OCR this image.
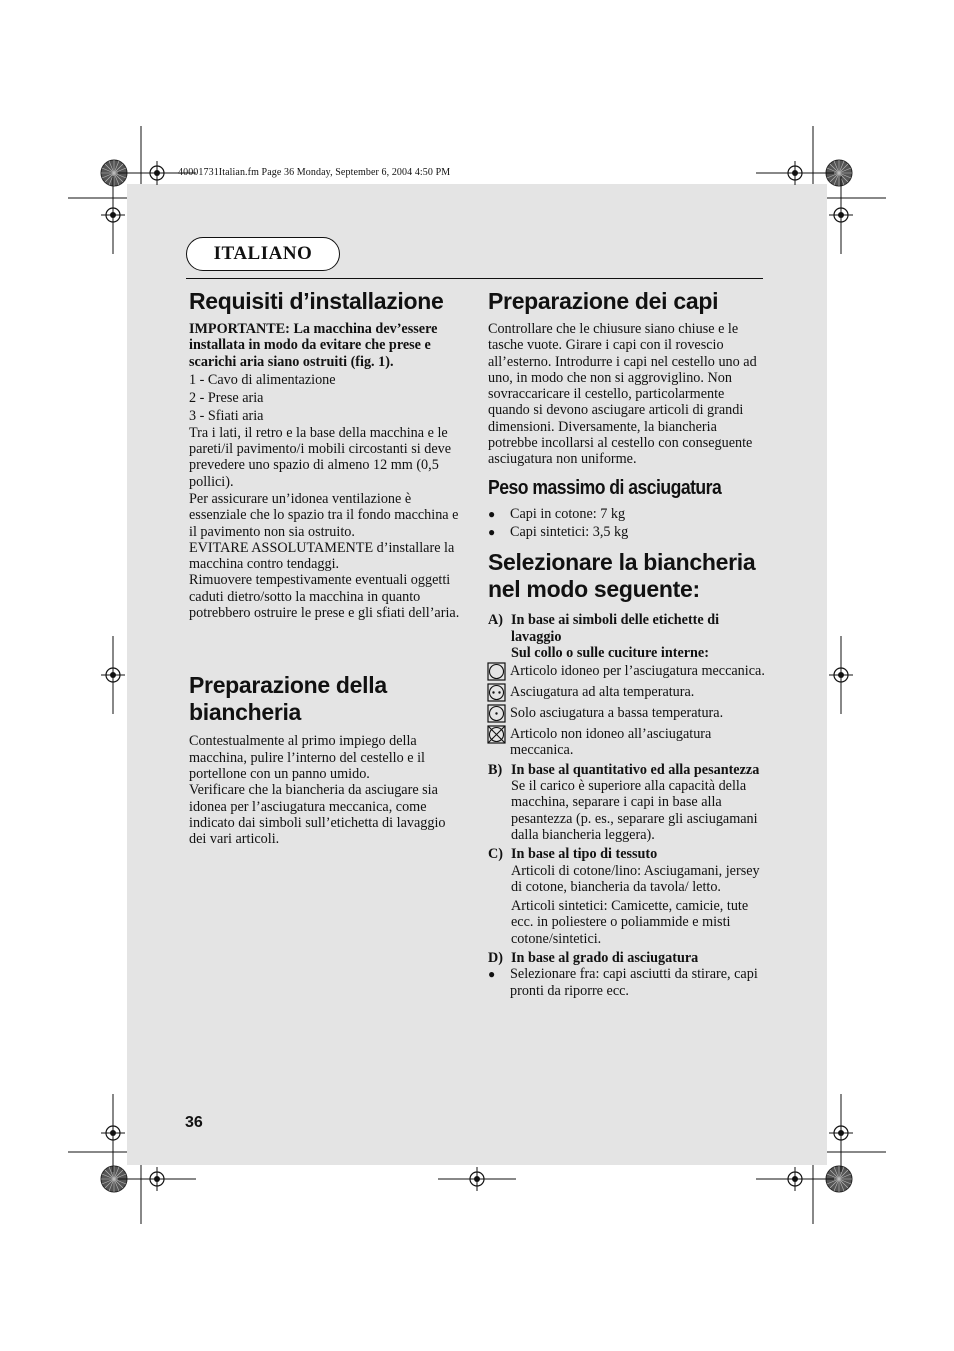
40001731Italian.fm Page 36 Monday, September 6, 2004 4:50 PM
ITALIANO
Requisiti d’installazione

IMPORTANTE: La macchina dev’essere installata in modo da evitare che prese e scarichi aria siano ostruiti (fig. 1).

1 - Cavo di alimentazione

2 - Prese aria

3 - Sfiati aria

Tra i lati, il retro e la base della macchina e le pareti/il pavimento/i mobili circostanti si deve prevedere uno spazio di almeno 12 mm (0,5 pollici).

Per assicurare un’idonea ventilazione è essenziale che lo spazio tra il fondo macchina e il pavimento non sia ostruito.

EVITARE ASSOLUTAMENTE d’installare la macchina contro tendaggi.

Rimuovere tempestivamente eventuali oggetti caduti dietro/sotto la macchina in quanto potrebbero ostruire le prese e gli sfiati dell’aria.

Preparazione della
biancheria

Contestualmente al primo impiego della macchina, pulire l’interno del cestello e il portellone con un panno umido.

Verificare che la biancheria da asciugare sia idonea per l’asciugatura meccanica, come indicato dai simboli sull’etichetta di lavaggio dei vari articoli.

Preparazione dei capi

Controllare che le chiusure siano chiuse e le tasche vuote. Girare i capi con il rovescio all’esterno. Introdurre i capi nel cestello uno ad uno, in modo che non si aggroviglino. Non sovraccaricare il cestello, particolarmente quando si devono asciugare articoli di grandi dimensioni. Diversamente, la biancheria potrebbe incollarsi al cestello con conseguente asciugatura non uniforme.

Peso massimo di asciugatura
●	Capi in cotone: 7 kg
●	Capi sintetici: 3,5 kg
Selezionare la biancheria
nel modo seguente:
A) In base ai simboli delle etichette di lavaggio

Sul collo o sulle cuciture interne:

Articolo idoneo per l’asciugatura meccanica.
Asciugatura ad alta temperatura.
Solo asciugatura a bassa temperatura.
Articolo non idoneo all’asciugatura meccanica.
B) In base al quantitativo ed alla pesantezza

Se il carico è superiore alla capacità della macchina, separare i capi in base alla pesantezza (p. es., separare gli asciugamani dalla biancheria leggera).

C) In base al tipo di tessuto

Articoli di cotone/lino: Asciugamani, jersey di cotone, biancheria da tavola/ letto.

Articoli sintetici: Camicette, camicie, tute ecc. in poliestere o poliammide e misti cotone/sintetici.

D) In base al grado di asciugatura
●	Selezionare fra: capi asciutti da stirare, capi pronti da riporre ecc.
36
